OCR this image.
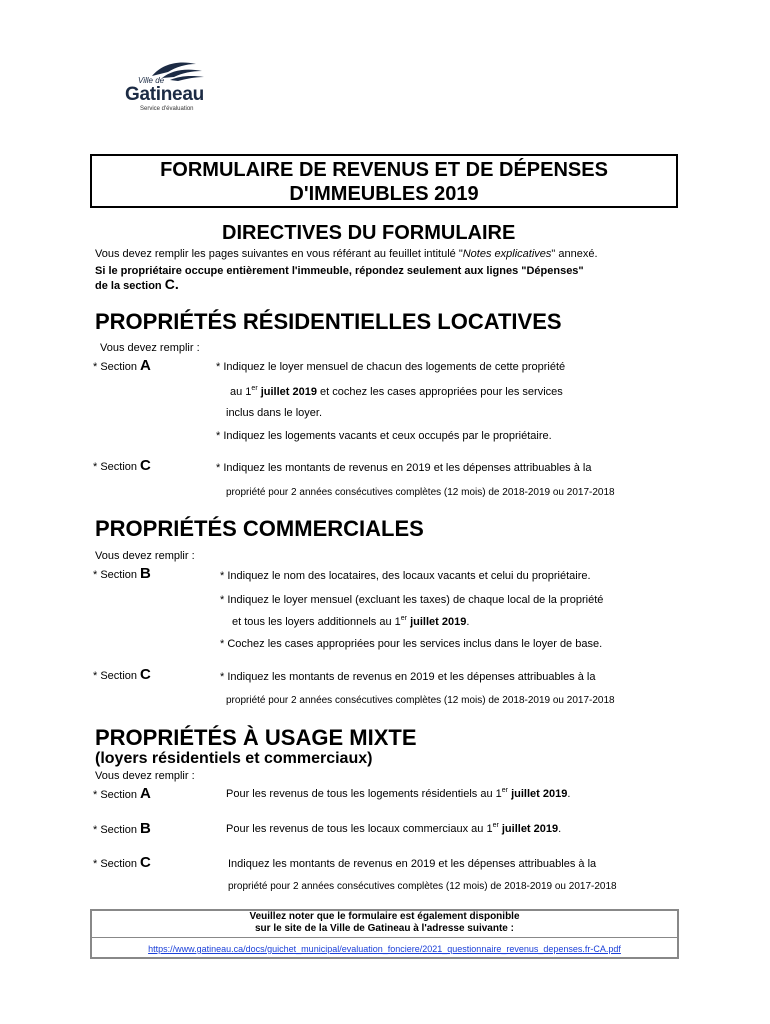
Ville de
Gatineau
Service d'évaluation
FORMULAIRE DE REVENUS ET DE DÉPENSES
D'IMMEUBLES 2019
DIRECTIVES DU FORMULAIRE
Vous devez remplir les pages suivantes en vous référant au feuillet intitulé "Notes explicatives" annexé.
Si le propriétaire occupe entièrement l'immeuble, répondez seulement aux lignes "Dépenses"
de la section C.
PROPRIÉTÉS RÉSIDENTIELLES LOCATIVES
Vous devez remplir :
* Section A	* Indiquez le loyer mensuel de chacun des logements de cette propriété
au 1er juillet 2019 et cochez les cases appropriées pour les services
inclus dans le loyer.
* Indiquez les logements vacants et ceux occupés par le propriétaire.
* Section C	* Indiquez les montants de revenus en 2019 et les dépenses attribuables à la
propriété pour 2 années consécutives complètes (12 mois) de 2018-2019 ou 2017-2018
PROPRIÉTÉS COMMERCIALES
Vous devez remplir :
* Section B	* Indiquez le nom des locataires, des locaux vacants et celui du propriétaire.
* Indiquez le loyer mensuel (excluant les taxes) de chaque local de la propriété
et tous les loyers additionnels au 1er juillet 2019.
* Cochez les cases appropriées pour les services inclus dans le loyer de base.
* Section C	* Indiquez les montants de revenus en 2019 et les dépenses attribuables à la
propriété pour 2 années consécutives complètes (12 mois) de 2018-2019 ou 2017-2018
PROPRIÉTÉS À USAGE MIXTE
(loyers résidentiels et commerciaux)
Vous devez remplir :
* Section A	Pour les revenus de tous les logements résidentiels au 1er juillet 2019.
* Section B	Pour les revenus de tous les locaux commerciaux au 1er juillet 2019.
* Section C	Indiquez les montants de revenus en 2019 et les dépenses attribuables à la
propriété pour 2 années consécutives complètes (12 mois) de 2018-2019 ou 2017-2018
Veuillez noter que le formulaire est également disponible
sur le site de la Ville de Gatineau à l'adresse suivante :
https://www.gatineau.ca/docs/guichet_municipal/evaluation_fonciere/2021_questionnaire_revenus_depenses.fr-CA.pdf
